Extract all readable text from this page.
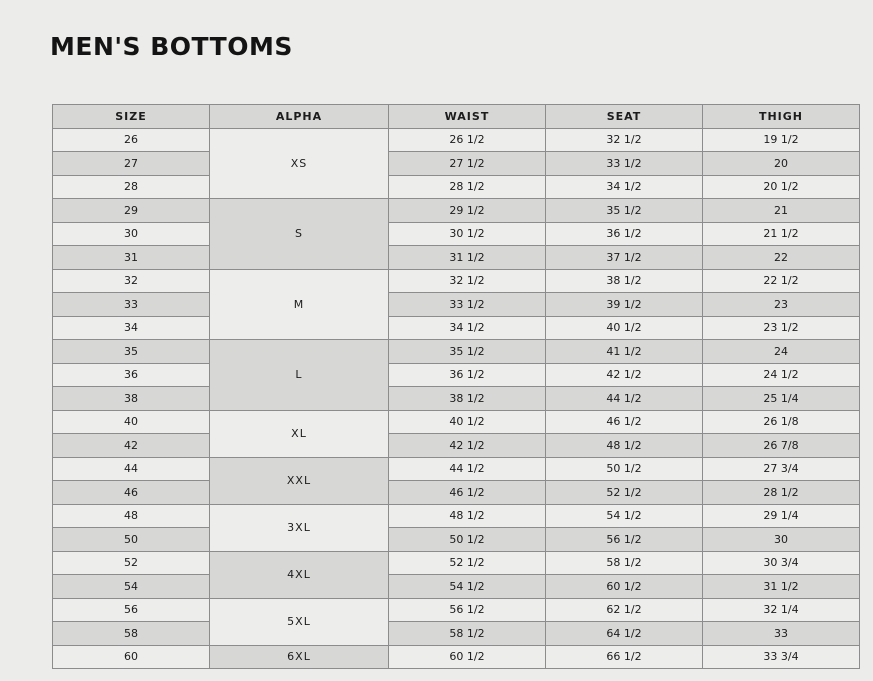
MEN'S BOTTOMS
SIZE	ALPHA	WAIST	SEAT	THIGH
26	XS	26 1/2	32 1/2	19 1/2
27		27 1/2	33 1/2	20
28		28 1/2	34 1/2	20 1/2
29	S	29 1/2	35 1/2	21
30		30 1/2	36 1/2	21 1/2
31		31 1/2	37 1/2	22
32	M	32 1/2	38 1/2	22 1/2
33		33 1/2	39 1/2	23
34		34 1/2	40 1/2	23 1/2
35	L	35 1/2	41 1/2	24
36		36 1/2	42 1/2	24 1/2
38		38 1/2	44 1/2	25 1/4
40	XL	40 1/2	46 1/2	26 1/8
42		42 1/2	48 1/2	26 7/8
44	XXL	44 1/2	50 1/2	27 3/4
46		46 1/2	52 1/2	28 1/2
48	3XL	48 1/2	54 1/2	29 1/4
50		50 1/2	56 1/2	30
52	4XL	52 1/2	58 1/2	30 3/4
54		54 1/2	60 1/2	31 1/2
56	5XL	56 1/2	62 1/2	32 1/4
58		58 1/2	64 1/2	33
60	6XL	60 1/2	66 1/2	33 3/4
